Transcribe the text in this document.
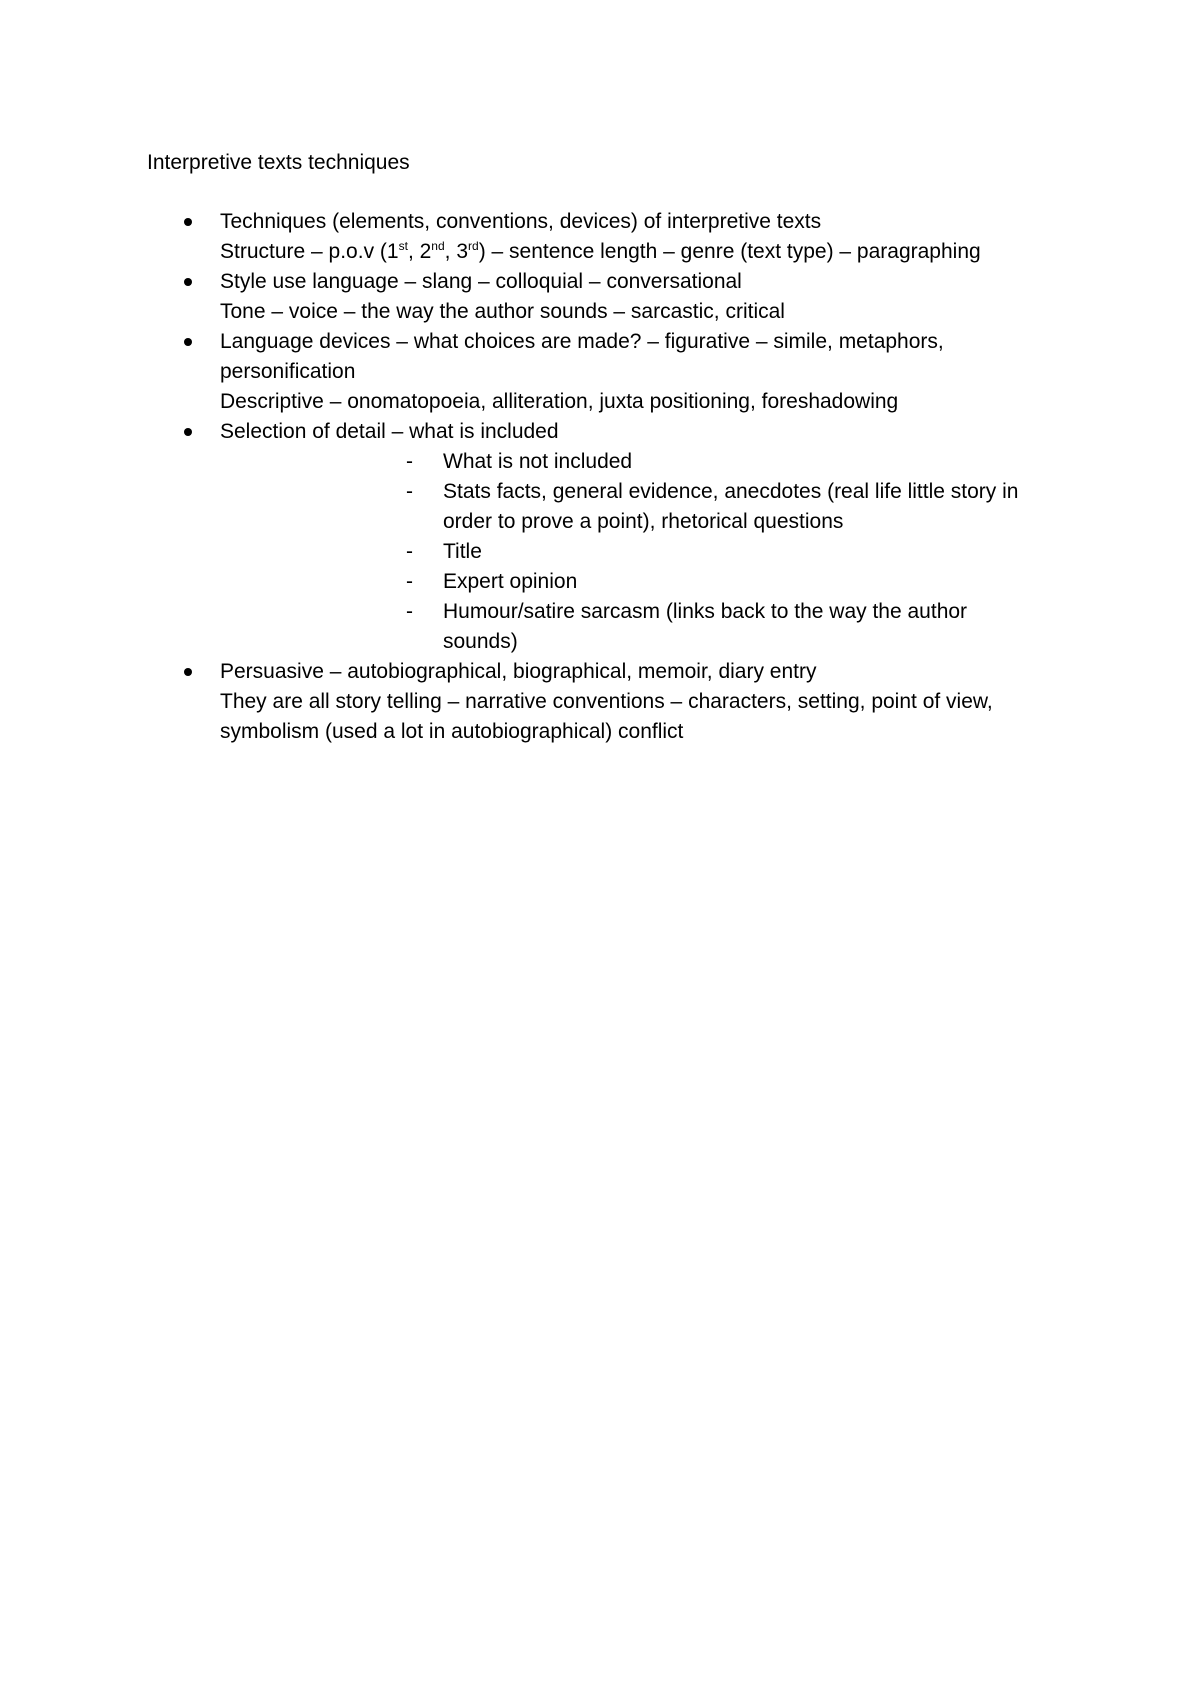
Interpretive texts techniques
Techniques (elements, conventions, devices) of interpretive texts
Structure – p.o.v (1st, 2nd, 3rd) – sentence length – genre (text type) – paragraphing
Style use language – slang – colloquial – conversational
Tone – voice – the way the author sounds – sarcastic, critical
Language devices – what choices are made? – figurative – simile, metaphors,
personification
Descriptive – onomatopoeia, alliteration, juxta positioning, foreshadowing
Selection of detail – what is included
- What is not included
- Stats facts, general evidence, anecdotes (real life little story in order to prove a point), rhetorical questions
- Title
- Expert opinion
- Humour/satire sarcasm (links back to the way the author sounds)
Persuasive – autobiographical, biographical, memoir, diary entry
They are all story telling – narrative conventions – characters, setting, point of view,
symbolism (used a lot in autobiographical) conflict
